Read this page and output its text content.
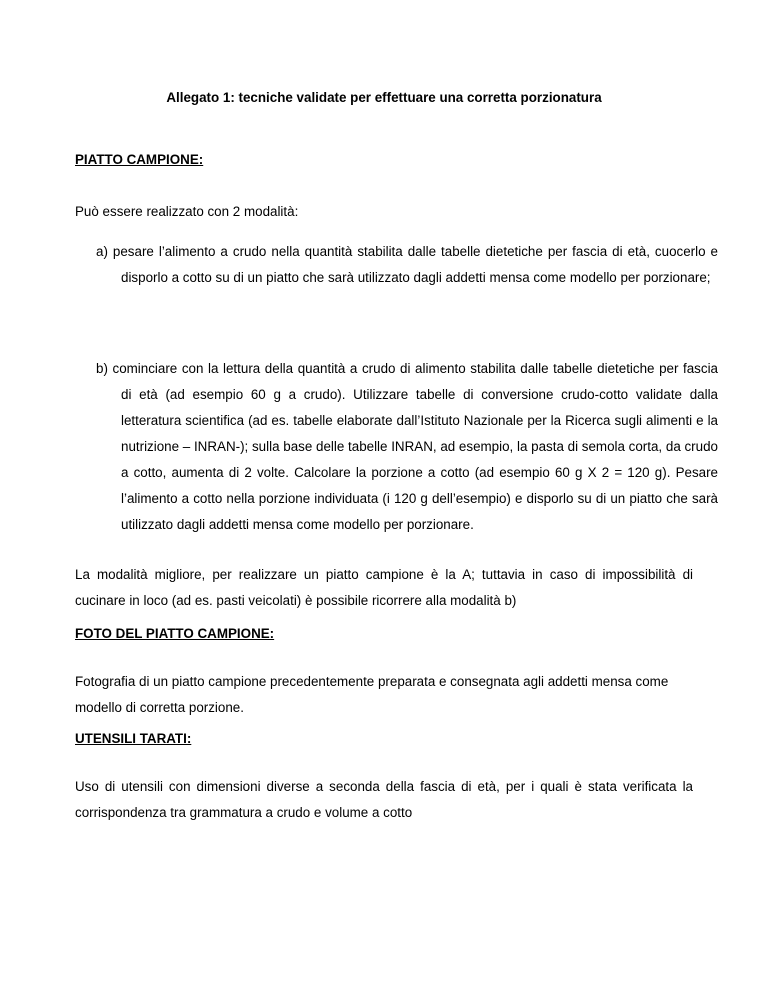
Allegato 1: tecniche validate per effettuare una corretta porzionatura
PIATTO CAMPIONE:
Può essere realizzato con 2 modalità:
a) pesare l’alimento a crudo nella quantità stabilita dalle tabelle dietetiche per fascia di età, cuocerlo e disporlo a cotto su di un piatto che sarà utilizzato dagli addetti mensa come modello per porzionare;
b) cominciare con la lettura della quantità a crudo di alimento stabilita dalle tabelle dietetiche per fascia di età (ad esempio 60 g a crudo). Utilizzare tabelle di conversione crudo-cotto validate dalla letteratura scientifica (ad es. tabelle elaborate dall’Istituto Nazionale per la Ricerca sugli alimenti e la nutrizione – INRAN-); sulla base delle tabelle INRAN, ad esempio, la pasta di semola corta, da crudo a cotto, aumenta di 2 volte. Calcolare la porzione a cotto (ad esempio 60 g X 2 = 120 g). Pesare l’alimento a cotto nella porzione individuata (i 120 g dell’esempio) e disporlo su di un piatto che sarà utilizzato dagli addetti mensa come modello per porzionare.
La modalità migliore, per realizzare un piatto campione è la A; tuttavia in caso di impossibilità di cucinare in loco (ad es. pasti veicolati) è possibile ricorrere alla modalità b)
FOTO DEL PIATTO CAMPIONE:
Fotografia di un piatto campione precedentemente preparata e consegnata agli addetti mensa come modello di corretta porzione.
UTENSILI TARATI:
Uso di utensili con dimensioni diverse a seconda della fascia di età, per i quali è stata verificata la corrispondenza tra grammatura a crudo e volume a cotto
